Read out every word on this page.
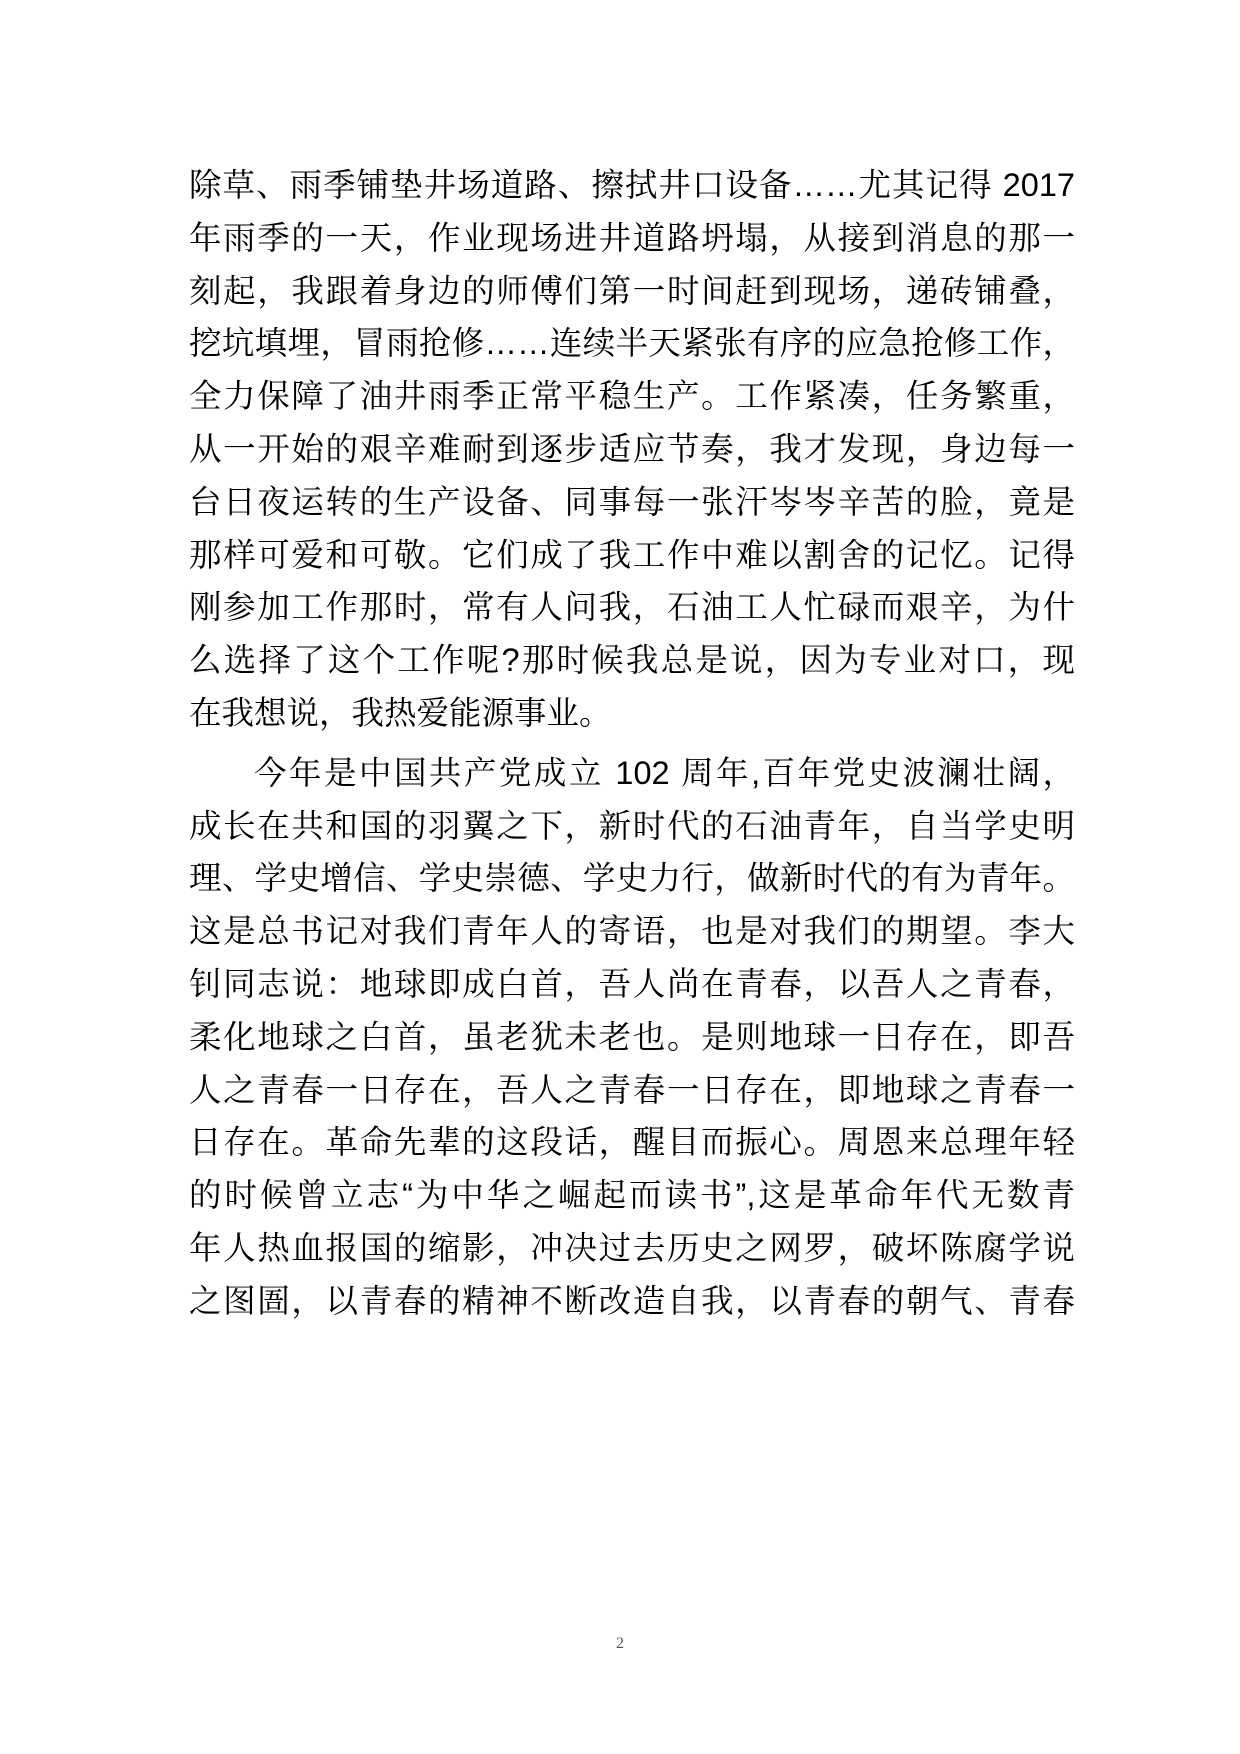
除草、雨季铺垫井场道路、擦拭井口设备……尤其记得 2017
年雨季的一天，作业现场进井道路坍塌，从接到消息的那一
刻起，我跟着身边的师傅们第一时间赶到现场，递砖铺叠，
挖坑填埋，冒雨抢修……连续半天紧张有序的应急抢修工作，
全力保障了油井雨季正常平稳生产。工作紧凑，任务繁重，
从一开始的艰辛难耐到逐步适应节奏，我才发现，身边每一
台日夜运转的生产设备、同事每一张汗岑岑辛苦的脸，竟是
那样可爱和可敬。它们成了我工作中难以割舍的记忆。记得
刚参加工作那时，常有人问我，石油工人忙碌而艰辛，为什
么选择了这个工作呢?那时候我总是说，因为专业对口，现
在我想说，我热爱能源事业。
今年是中国共产党成立 102 周年,百年党史波澜壮阔，
成长在共和国的羽翼之下，新时代的石油青年，自当学史明
理、学史增信、学史崇德、学史力行，做新时代的有为青年。
这是总书记对我们青年人的寄语，也是对我们的期望。李大
钊同志说：地球即成白首，吾人尚在青春，以吾人之青春，
柔化地球之白首，虽老犹未老也。是则地球一日存在，即吾
人之青春一日存在，吾人之青春一日存在，即地球之青春一
日存在。革命先辈的这段话，醒目而振心。周恩来总理年轻
的时候曾立志“为中华之崛起而读书”,这是革命年代无数青
年人热血报国的缩影，冲决过去历史之网罗，破坏陈腐学说
之图圄，以青春的精神不断改造自我，以青春的朝气、青春
2
